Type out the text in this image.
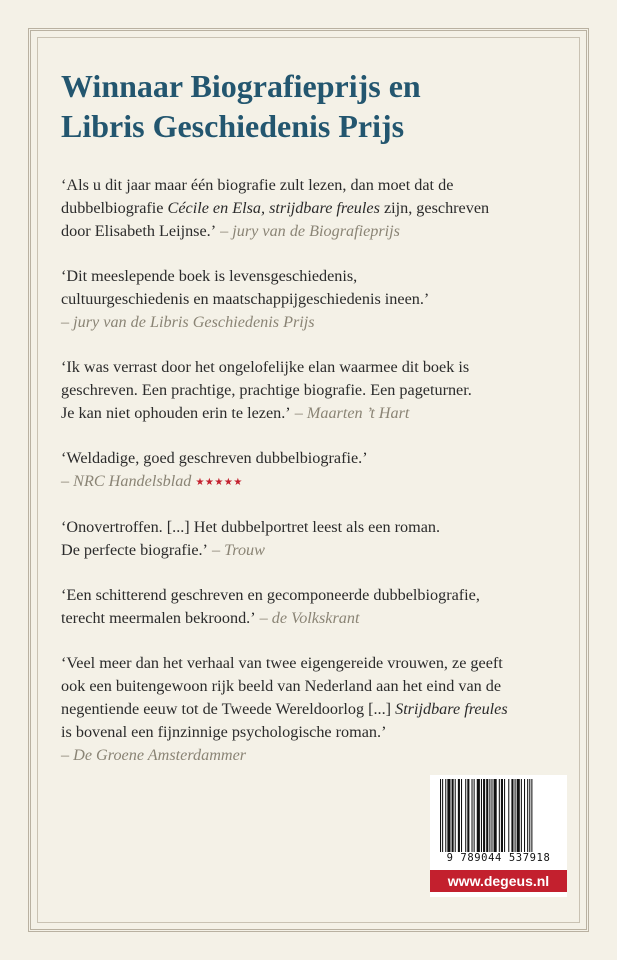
Winnaar Biografieprijs en
Libris Geschiedenis Prijs

‘Als u dit jaar maar één biografie zult lezen, dan moet dat de

dubbelbiografie Cécile en Elsa, strijdbare freules zijn, geschreven

door Elisabeth Leijnse.’ – jury van de Biografieprijs

‘Dit meeslepende boek is levensgeschiedenis,

cultuurgeschiedenis en maatschappijgeschiedenis ineen.’

– jury van de Libris Geschiedenis Prijs

‘Ik was verrast door het ongelofelijke elan waarmee dit boek is

geschreven. Een prachtige, prachtige biografie. Een pageturner.

Je kan niet ophouden erin te lezen.’ – Maarten ’t Hart

‘Weldadige, goed geschreven dubbelbiografie.’

– NRC Handelsblad ★★★★★

‘Onovertroffen. [...] Het dubbelportret leest als een roman.

De perfecte biografie.’ – Trouw

‘Een schitterend geschreven en gecomponeerde dubbelbiografie,

terecht meermalen bekroond.’ – de Volkskrant

‘Veel meer dan het verhaal van twee eigengereide vrouwen, ze geeft

ook een buitengewoon rijk beeld van Nederland aan het eind van de

negentiende eeuw tot de Tweede Wereldoorlog [...] Strijdbare freules

is bovenal een fijnzinnige psychologische roman.’

– De Groene Amsterdammer

9 789044 537918
www.degeus.nl
